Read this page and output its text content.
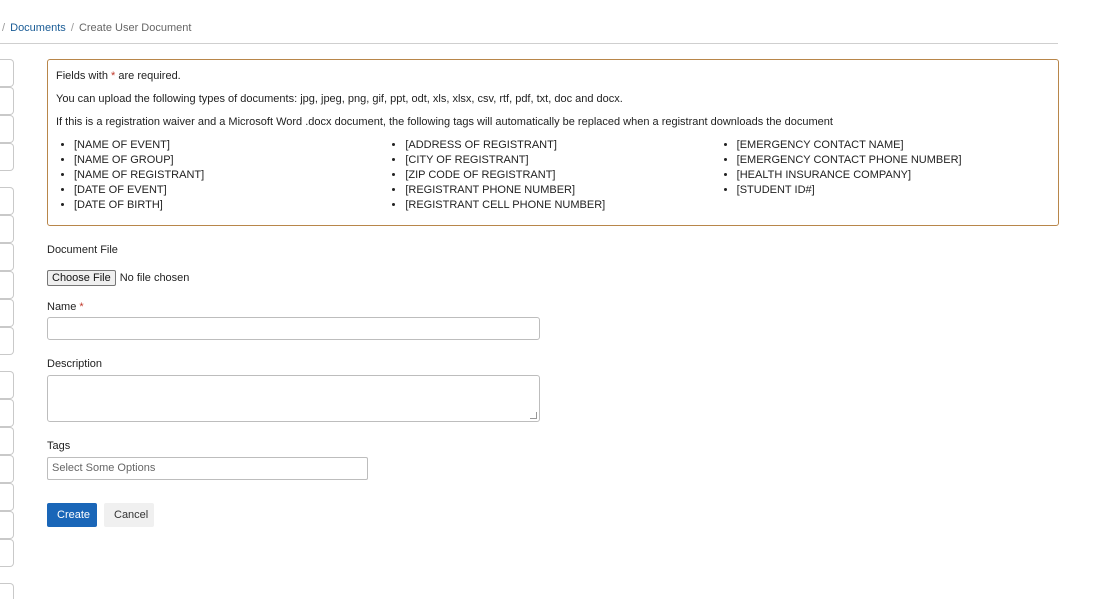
/ Documents / Create User Document

Fields with * are required.

You can upload the following types of documents: jpg, jpeg, png, gif, ppt, odt, xls, xlsx, csv, rtf, pdf, txt, doc and docx.

If this is a registration waiver and a Microsoft Word .docx document, the following tags will automatically be replaced when a registrant downloads the document

• [NAME OF EVENT]
• [NAME OF GROUP]
• [NAME OF REGISTRANT]
• [DATE OF EVENT]
• [DATE OF BIRTH]
• [ADDRESS OF REGISTRANT]
• [CITY OF REGISTRANT]
• [ZIP CODE OF REGISTRANT]
• [REGISTRANT PHONE NUMBER]
• [REGISTRANT CELL PHONE NUMBER]
• [EMERGENCY CONTACT NAME]
• [EMERGENCY CONTACT PHONE NUMBER]
• [HEALTH INSURANCE COMPANY]
• [STUDENT ID#]
Document File
Choose File No file chosen
Name *
Description
Tags
Select Some Options
Create	Cancel
